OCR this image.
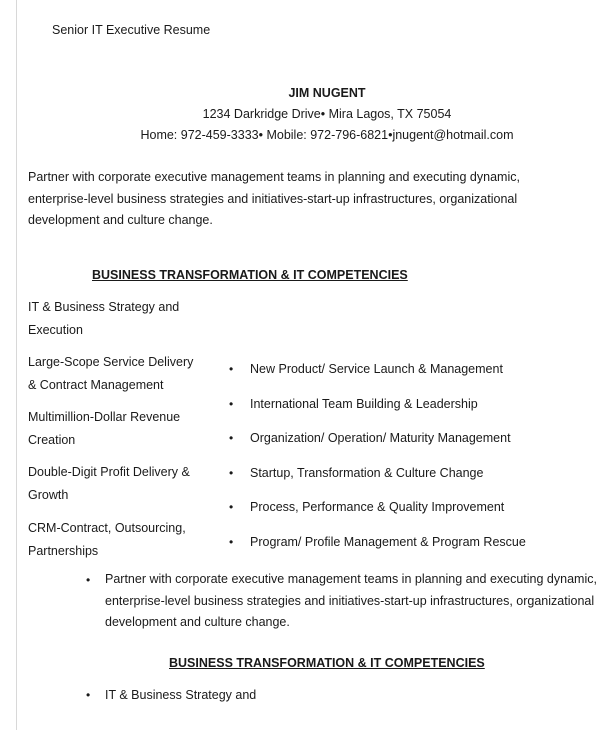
Senior IT Executive Resume
JIM NUGENT
1234 Darkridge Drive• Mira Lagos, TX 75054
Home: 972-459-3333• Mobile: 972-796-6821•jnugent@hotmail.com
Partner with corporate executive management teams in planning and executing dynamic,
enterprise-level business strategies and initiatives-start-up infrastructures, organizational
development and culture change.
BUSINESS TRANSFORMATION & IT COMPETENCIES
IT & Business Strategy and
Execution
Large-Scope Service Delivery
& Contract Management
Multimillion-Dollar Revenue
Creation
Double-Digit Profit Delivery &
Growth
CRM-Contract, Outsourcing,
Partnerships
• New Product/ Service Launch & Management
• International Team Building & Leadership
• Organization/ Operation/ Maturity Management
• Startup, Transformation & Culture Change
• Process, Performance & Quality Improvement
• Program/ Profile Management & Program Rescue
• Partner with corporate executive management teams in planning and executing dynamic,
enterprise-level business strategies and initiatives-start-up infrastructures, organizational
development and culture change.
BUSINESS TRANSFORMATION & IT COMPETENCIES
• IT & Business Strategy and
